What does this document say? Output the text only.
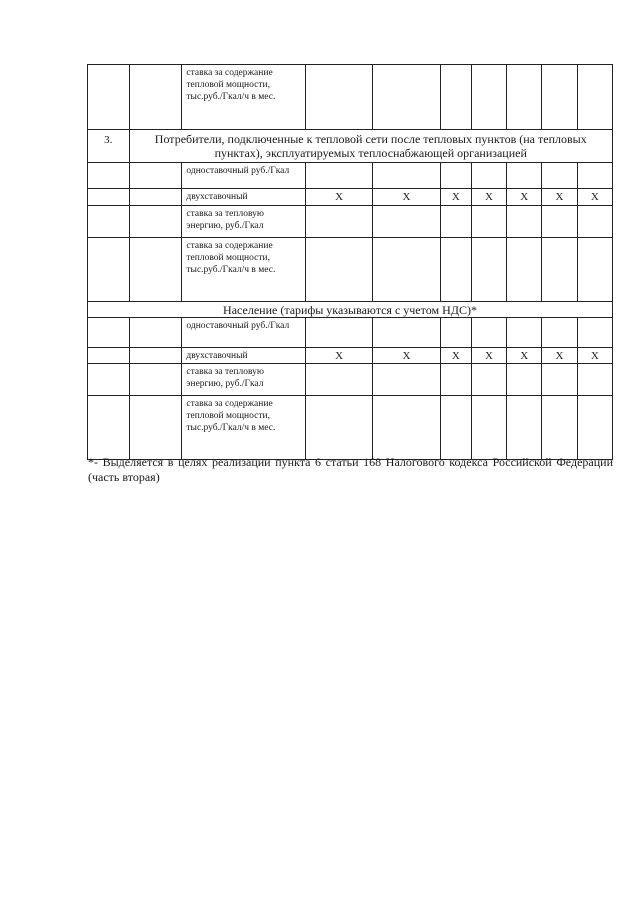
		ставка за содержание тепловой мощности, тыс.руб./Гкал/ч в мес.							

3.	Потребители, подключенные к тепловой сети после тепловых пунктов (на тепловых пунктах), эксплуатируемых теплоснабжающей организацией								

		одноставочный руб./Гкал							

		двухставочный	Х	Х	Х	Х	Х	Х	Х

		ставка за тепловую энергию, руб./Гкал							

		ставка за содержание тепловой мощности, тыс.руб./Гкал/ч в мес.							

Население (тарифы указываются с учетом НДС)*									

		одноставочный руб./Гкал							

		двухставочный	Х	Х	Х	Х	Х	Х	Х

		ставка за тепловую энергию, руб./Гкал							

		ставка за содержание тепловой мощности, тыс.руб./Гкал/ч в мес.							

*- Выделяется в целях реализации пункта 6 статьи 168 Налогового кодекса Российской Федерации (часть вторая)
